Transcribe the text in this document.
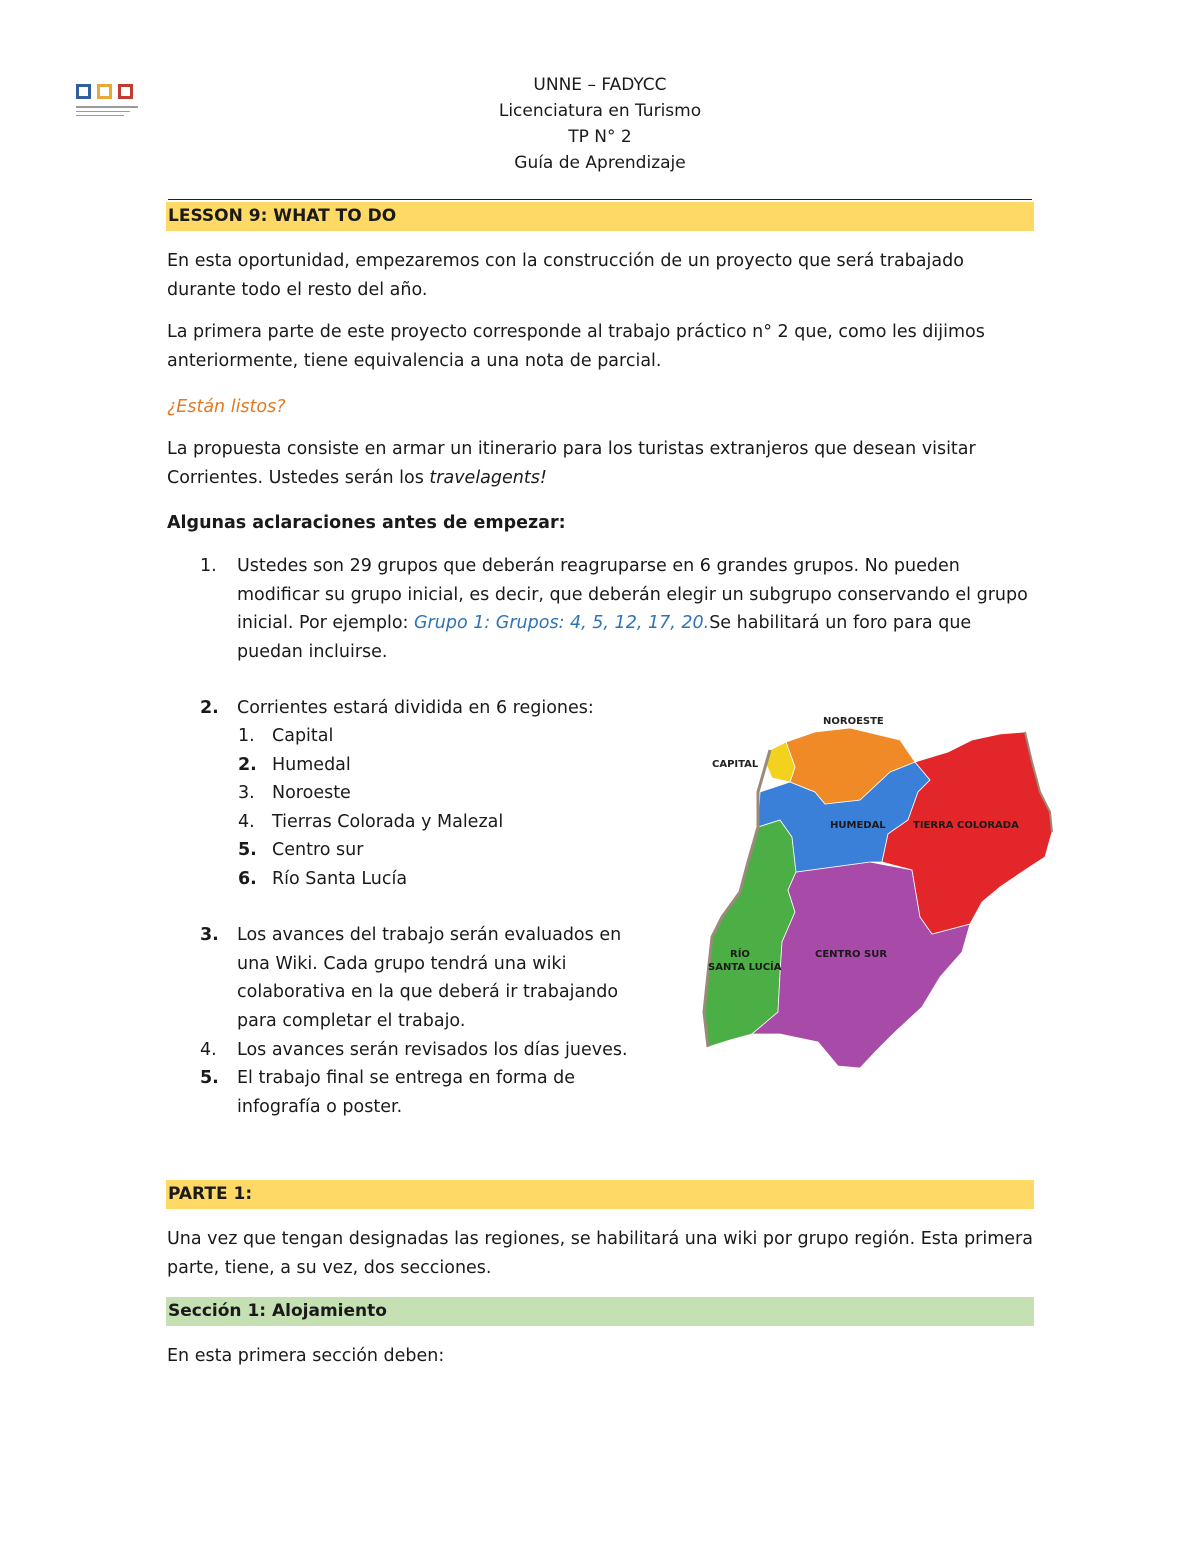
UNNE – FADYCC
Licenciatura en Turismo
TP N° 2
Guía de Aprendizaje
LESSON 9: WHAT TO DO

En esta oportunidad, empezaremos con la construcción de un proyecto que será trabajado durante todo el resto del año.

La primera parte de este proyecto corresponde al trabajo práctico n° 2 que, como les dijimos anteriormente, tiene equivalencia a una nota de parcial.

¿Están listos?

La propuesta consiste en armar un itinerario para los turistas extranjeros que desean visitar Corrientes. Ustedes serán los travelagents!

Algunas aclaraciones antes de empezar:

1.	Ustedes son 29 grupos que deberán reagruparse en 6 grandes grupos. No pueden modificar su grupo inicial, es decir, que deberán elegir un subgrupo conservando el grupo inicial. Por ejemplo: Grupo 1: Grupos: 4, 5, 12, 17, 20.Se habilitará un foro para que puedan incluirse.
2.	Corrientes estará dividida en 6 regiones:
1. Capital
2. Humedal
3. Noroeste
4. Tierras Colorada y Malezal
5. Centro sur
6. Río Santa Lucía
3.	Los avances del trabajo serán evaluados en una Wiki. Cada grupo tendrá una wiki colaborativa en la que deberá ir trabajando para completar el trabajo.
4.	Los avances serán revisados los días jueves.
5.	El trabajo final se entrega en forma de infografía o poster.
NOROESTE
CAPITAL
HUMEDAL	TIERRA COLORADA
CENTRO SUR
RÍO
SANTA LUCÍA
PARTE 1:

Una vez que tengan designadas las regiones, se habilitará una wiki por grupo región. Esta primera parte, tiene, a su vez, dos secciones.

Sección 1: Alojamiento

En esta primera sección deben:
